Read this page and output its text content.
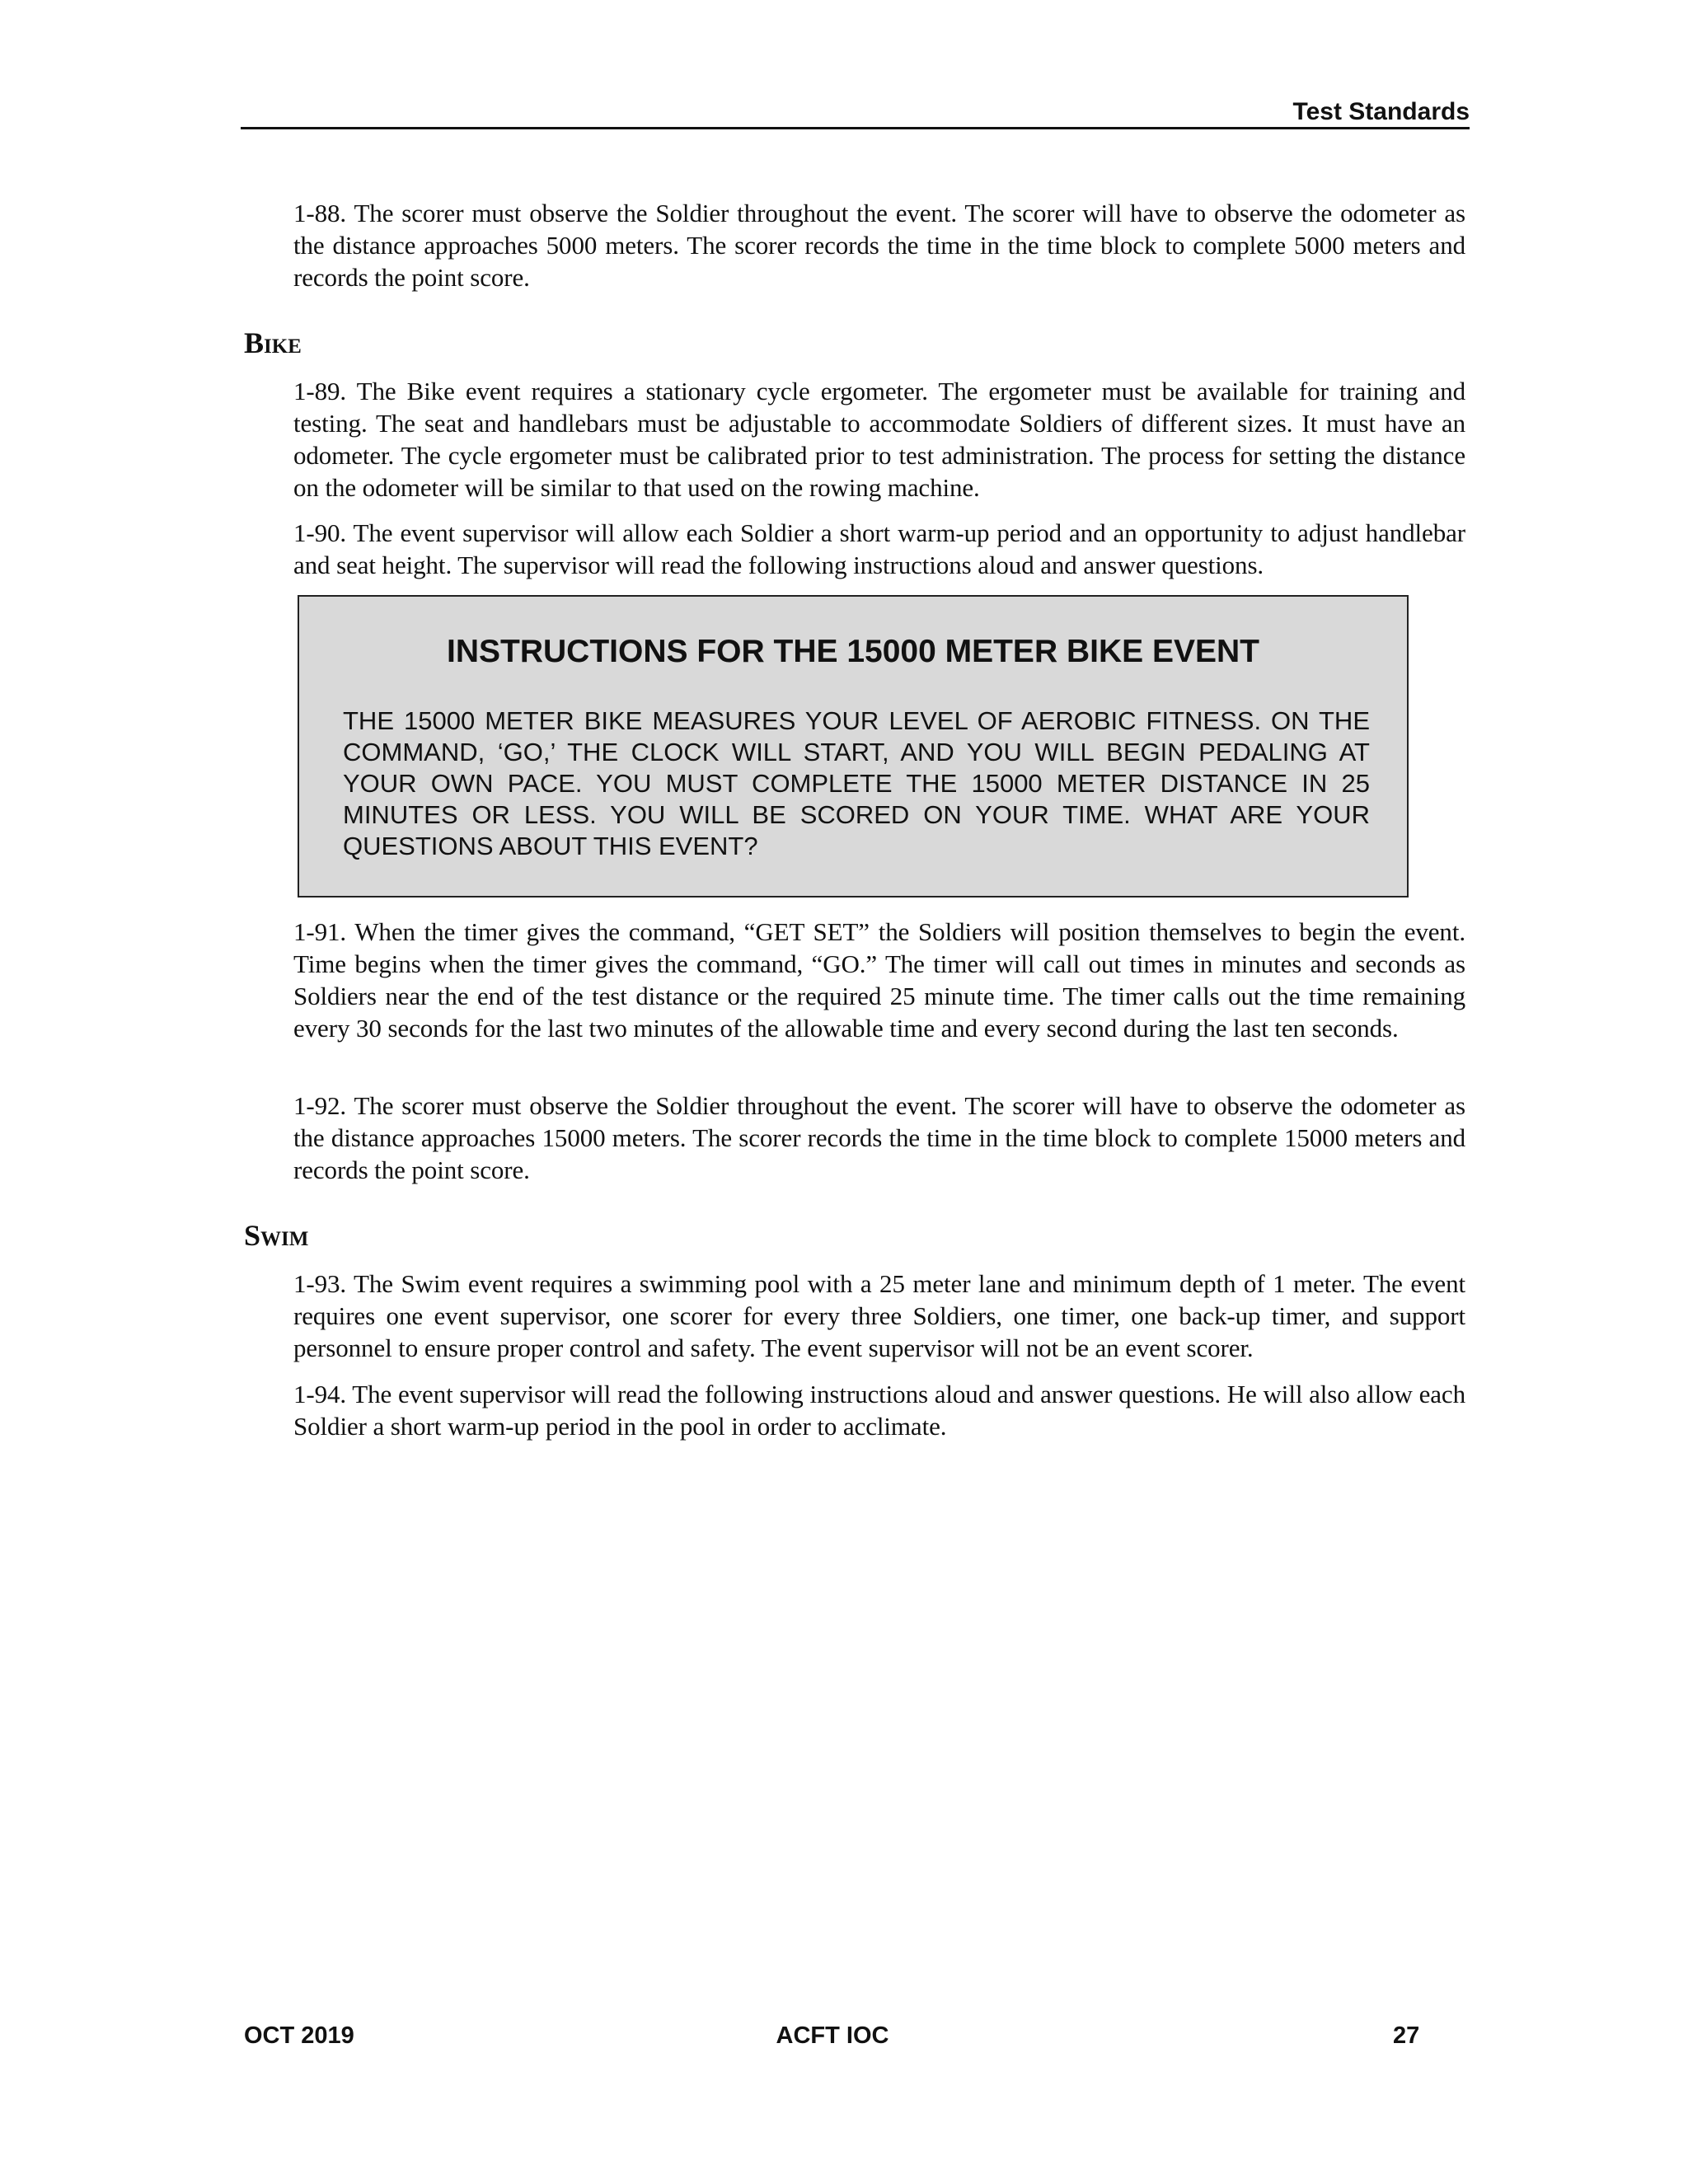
Test Standards

1-88. The scorer must observe the Soldier throughout the event. The scorer will have to observe the odometer as the distance approaches 5000 meters. The scorer records the time in the time block to complete 5000 meters and records the point score.

Bike

1-89. The Bike event requires a stationary cycle ergometer. The ergometer must be available for training and testing. The seat and handlebars must be adjustable to accommodate Soldiers of different sizes. It must have an odometer. The cycle ergometer must be calibrated prior to test administration. The process for setting the distance on the odometer will be similar to that used on the rowing machine.

1-90. The event supervisor will allow each Soldier a short warm-up period and an opportunity to adjust handlebar and seat height. The supervisor will read the following instructions aloud and answer questions.

INSTRUCTIONS FOR THE 15000 METER BIKE EVENT

THE 15000 METER BIKE MEASURES YOUR LEVEL OF AEROBIC FITNESS. ON THE COMMAND, ‘GO,’ THE CLOCK WILL START, AND YOU WILL BEGIN PEDALING AT YOUR OWN PACE. YOU MUST COMPLETE THE 15000 METER DISTANCE IN 25 MINUTES OR LESS. YOU WILL BE SCORED ON YOUR TIME. WHAT ARE YOUR QUESTIONS ABOUT THIS EVENT?

1-91. When the timer gives the command, “GET SET” the Soldiers will position themselves to begin the event. Time begins when the timer gives the command, “GO.” The timer will call out times in minutes and seconds as Soldiers near the end of the test distance or the required 25 minute time. The timer calls out the time remaining every 30 seconds for the last two minutes of the allowable time and every second during the last ten seconds.

1-92. The scorer must observe the Soldier throughout the event. The scorer will have to observe the odometer as the distance approaches 15000 meters. The scorer records the time in the time block to complete 15000 meters and records the point score.

Swim

1-93. The Swim event requires a swimming pool with a 25 meter lane and minimum depth of 1 meter. The event requires one event supervisor, one scorer for every three Soldiers, one timer, one back-up timer, and support personnel to ensure proper control and safety. The event supervisor will not be an event scorer.

1-94. The event supervisor will read the following instructions aloud and answer questions. He will also allow each Soldier a short warm-up period in the pool in order to acclimate.

OCT 2019	ACFT IOC	27
